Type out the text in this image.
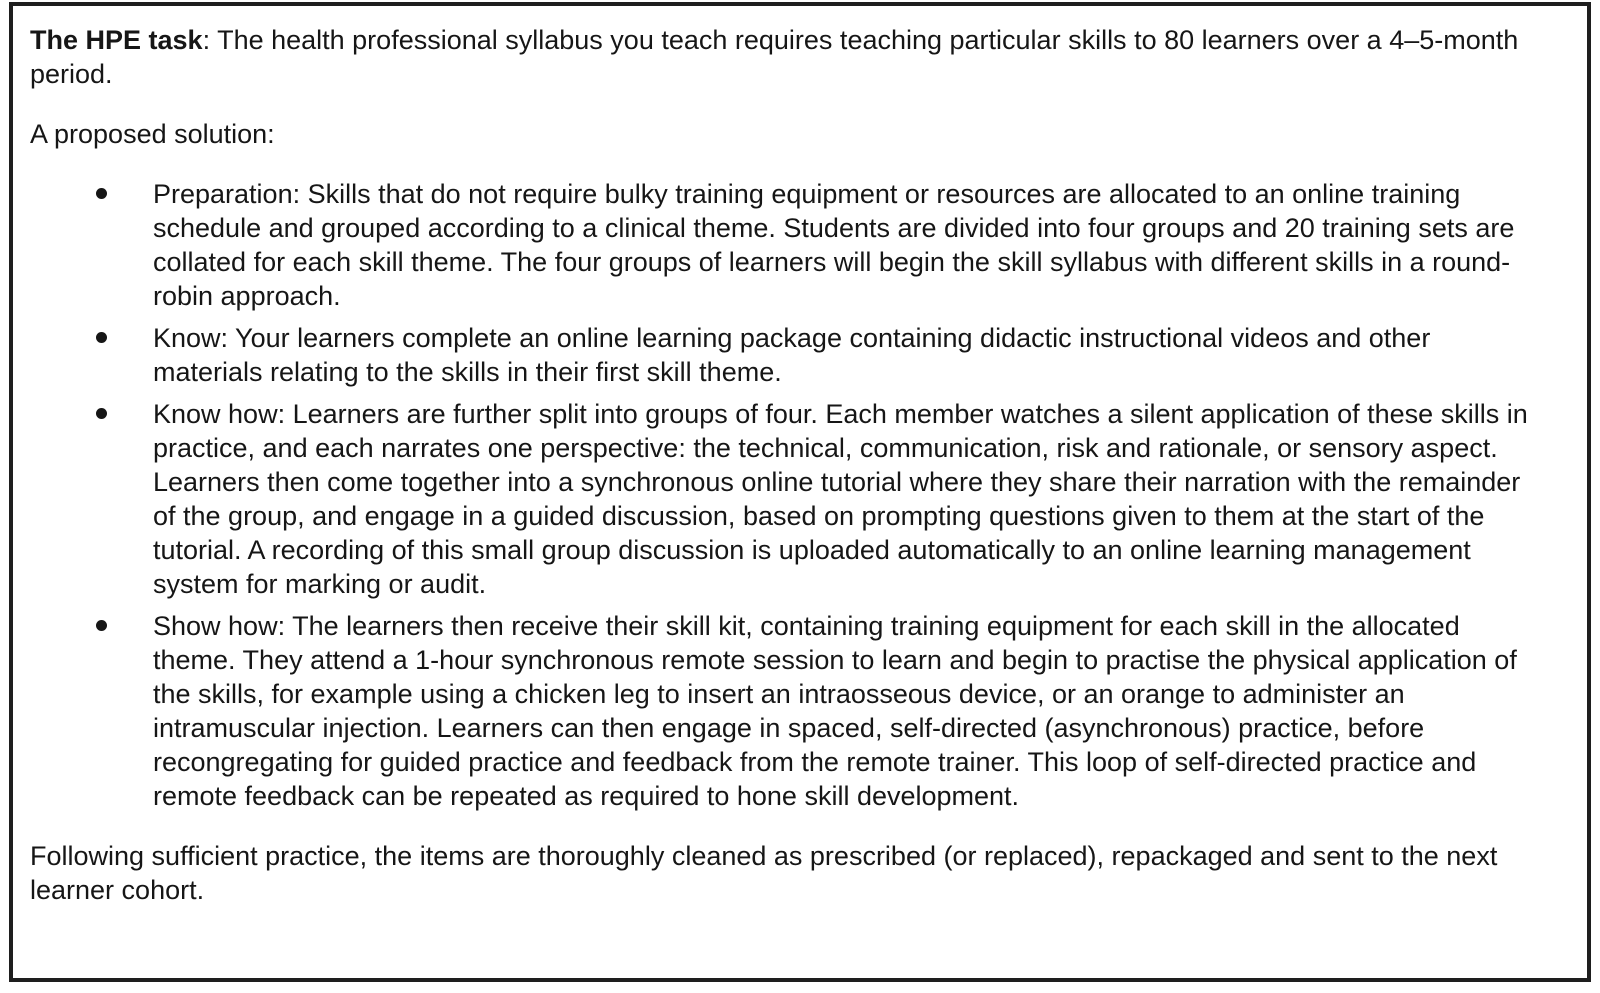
The HPE task: The health professional syllabus you teach requires teaching particular skills to 80 learners over a 4–5-month period.

A proposed solution:

Preparation: Skills that do not require bulky training equipment or resources are allocated to an online training schedule and grouped according to a clinical theme. Students are divided into four groups and 20 training sets are collated for each skill theme. The four groups of learners will begin the skill syllabus with different skills in a round-robin approach.
Know: Your learners complete an online learning package containing didactic instructional videos and other materials relating to the skills in their first skill theme.
Know how: Learners are further split into groups of four. Each member watches a silent application of these skills in practice, and each narrates one perspective: the technical, communication, risk and rationale, or sensory aspect. Learners then come together into a synchronous online tutorial where they share their narration with the remainder of the group, and engage in a guided discussion, based on prompting questions given to them at the start of the tutorial. A recording of this small group discussion is uploaded automatically to an online learning management system for marking or audit.
Show how: The learners then receive their skill kit, containing training equipment for each skill in the allocated theme. They attend a 1-hour synchronous remote session to learn and begin to practise the physical application of the skills, for example using a chicken leg to insert an intraosseous device, or an orange to administer an intramuscular injection. Learners can then engage in spaced, self-directed (asynchronous) practice, before recongregating for guided practice and feedback from the remote trainer. This loop of self-directed practice and remote feedback can be repeated as required to hone skill development.

Following sufficient practice, the items are thoroughly cleaned as prescribed (or replaced), repackaged and sent to the next learner cohort.
